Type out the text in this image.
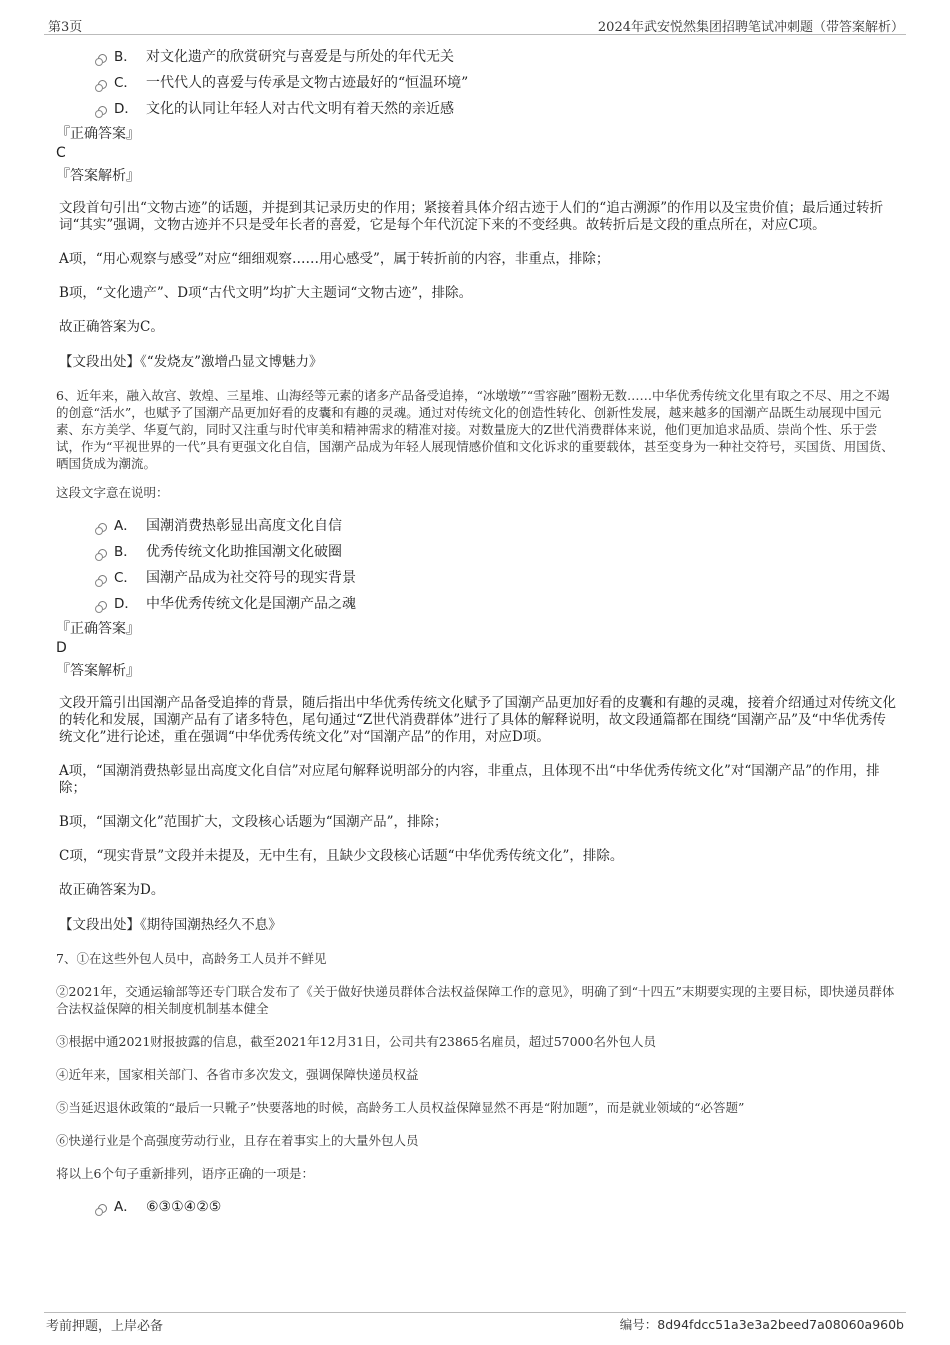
第3页	2024年武安悦然集团招聘笔试冲刺题（带答案解析）
B． 对文化遗产的欣赏研究与喜爱是与所处的年代无关
C． 一代代人的喜爱与传承是文物古迹最好的“恒温环境”
D． 文化的认同让年轻人对古代文明有着天然的亲近感
『正确答案』
C
『答案解析』
文段首句引出“文物古迹”的话题，并提到其记录历史的作用；紧接着具体介绍古迹于人们的“追古溯源”的作用以及宝贵价值；最后通过转折词“其实”强调，文物古迹并不只是受年长者的喜爱，它是每个年代沉淀下来的不变经典。故转折后是文段的重点所在，对应C项。
A项，“用心观察与感受”对应“细细观察……用心感受”，属于转折前的内容，非重点，排除；
B项，“文化遗产”、D项“古代文明”均扩大主题词“文物古迹”，排除。
故正确答案为C。
【文段出处】《“发烧友”激增凸显文博魅力》
6、近年来，融入故宫、敦煌、三星堆、山海经等元素的诸多产品备受追捧，“冰墩墩”“雪容融”圈粉无数……中华优秀传统文化里有取之不尽、用之不竭的创意“活水”，也赋予了国潮产品更加好看的皮囊和有趣的灵魂。通过对传统文化的创造性转化、创新性发展，越来越多的国潮产品既生动展现中国元素、东方美学、华夏气韵，同时又注重与时代审美和精神需求的精准对接。对数量庞大的Z世代消费群体来说，他们更加追求品质、崇尚个性、乐于尝试，作为“平视世界的一代”具有更强文化自信，国潮产品成为年轻人展现情感价值和文化诉求的重要载体，甚至变身为一种社交符号，买国货、用国货、晒国货成为潮流。
这段文字意在说明：
A． 国潮消费热彰显出高度文化自信
B． 优秀传统文化助推国潮文化破圈
C． 国潮产品成为社交符号的现实背景
D． 中华优秀传统文化是国潮产品之魂
『正确答案』
D
『答案解析』
文段开篇引出国潮产品备受追捧的背景，随后指出中华优秀传统文化赋予了国潮产品更加好看的皮囊和有趣的灵魂，接着介绍通过对传统文化的转化和发展，国潮产品有了诸多特色，尾句通过“Z世代消费群体”进行了具体的解释说明，故文段通篇都在围绕“国潮产品”及“中华优秀传统文化”进行论述，重在强调“中华优秀传统文化”对“国潮产品”的作用，对应D项。
A项，“国潮消费热彰显出高度文化自信”对应尾句解释说明部分的内容，非重点，且体现不出“中华优秀传统文化”对“国潮产品”的作用，排除；
B项，“国潮文化”范围扩大，文段核心话题为“国潮产品”，排除；
C项，“现实背景”文段并未提及，无中生有，且缺少文段核心话题“中华优秀传统文化”，排除。
故正确答案为D。
【文段出处】《期待国潮热经久不息》
7、①在这些外包人员中，高龄务工人员并不鲜见
②2021年，交通运输部等还专门联合发布了《关于做好快递员群体合法权益保障工作的意见》，明确了到“十四五”末期要实现的主要目标，即快递员群体合法权益保障的相关制度机制基本健全
③根据中通2021财报披露的信息，截至2021年12月31日，公司共有23865名雇员，超过57000名外包人员
④近年来，国家相关部门、各省市多次发文，强调保障快递员权益
⑤当延迟退休政策的“最后一只靴子”快要落地的时候，高龄务工人员权益保障显然不再是“附加题”，而是就业领域的“必答题”
⑥快递行业是个高强度劳动行业，且存在着事实上的大量外包人员
将以上6个句子重新排列，语序正确的一项是：
A． ⑥③①④②⑤
考前押题，上岸必备	编号：8d94fdcc51a3e3a2beed7a08060a960b
